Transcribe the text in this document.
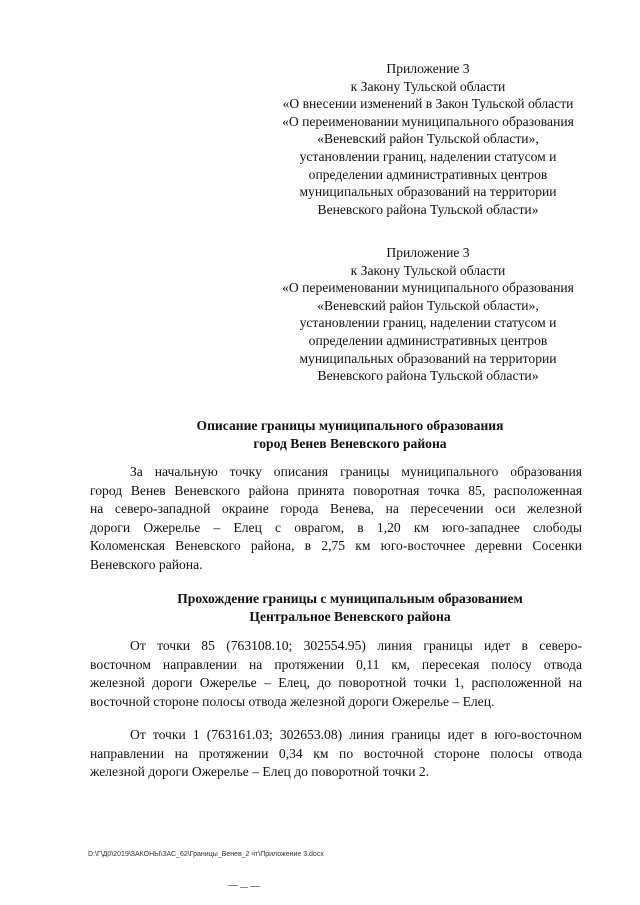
Приложение 3
к Закону Тульской области
«О внесении изменений в Закон Тульской области
«О переименовании муниципального образования
«Веневский район Тульской области»,
установлении границ, наделении статусом и
определении административных центров
муниципальных образований на территории
Веневского района Тульской области»
Приложение 3
к Закону Тульской области
«О переименовании муниципального образования
«Веневский район Тульской области»,
установлении границ, наделении статусом и
определении административных центров
муниципальных образований на территории
Веневского района Тульской области»
Описание границы муниципального образования
город Венев Веневского района
За начальную точку описания границы муниципального образования
город Венев Веневского района принята поворотная точка 85, расположенная
на северо-западной окраине города Венева, на пересечении оси железной
дороги Ожерелье – Елец с оврагом, в 1,20 км юго-западнее слободы
Коломенская Веневского района, в 2,75 км юго-восточнее деревни Сосенки
Веневского района.
Прохождение границы с муниципальным образованием
Центральное Веневского района
От точки 85 (763108.10; 302554.95) линия границы идет в северо-
восточном направлении на протяжении 0,11 км, пересекая полосу отвода
железной дороги Ожерелье – Елец, до поворотной точки 1, расположенной на
восточной стороне полосы отвода железной дороги Ожерелье – Елец.
От точки 1 (763161.03; 302653.08) линия границы идет в юго-восточном
направлении на протяжении 0,34 км по восточной стороне полосы отвода
железной дороги Ожерелье – Елец до поворотной точки 2.
D:\Г\Д0\2019\ЗАКОНЫ\ЗАС_62\Границы_Венев_2 чт\Приложение 3.docx
